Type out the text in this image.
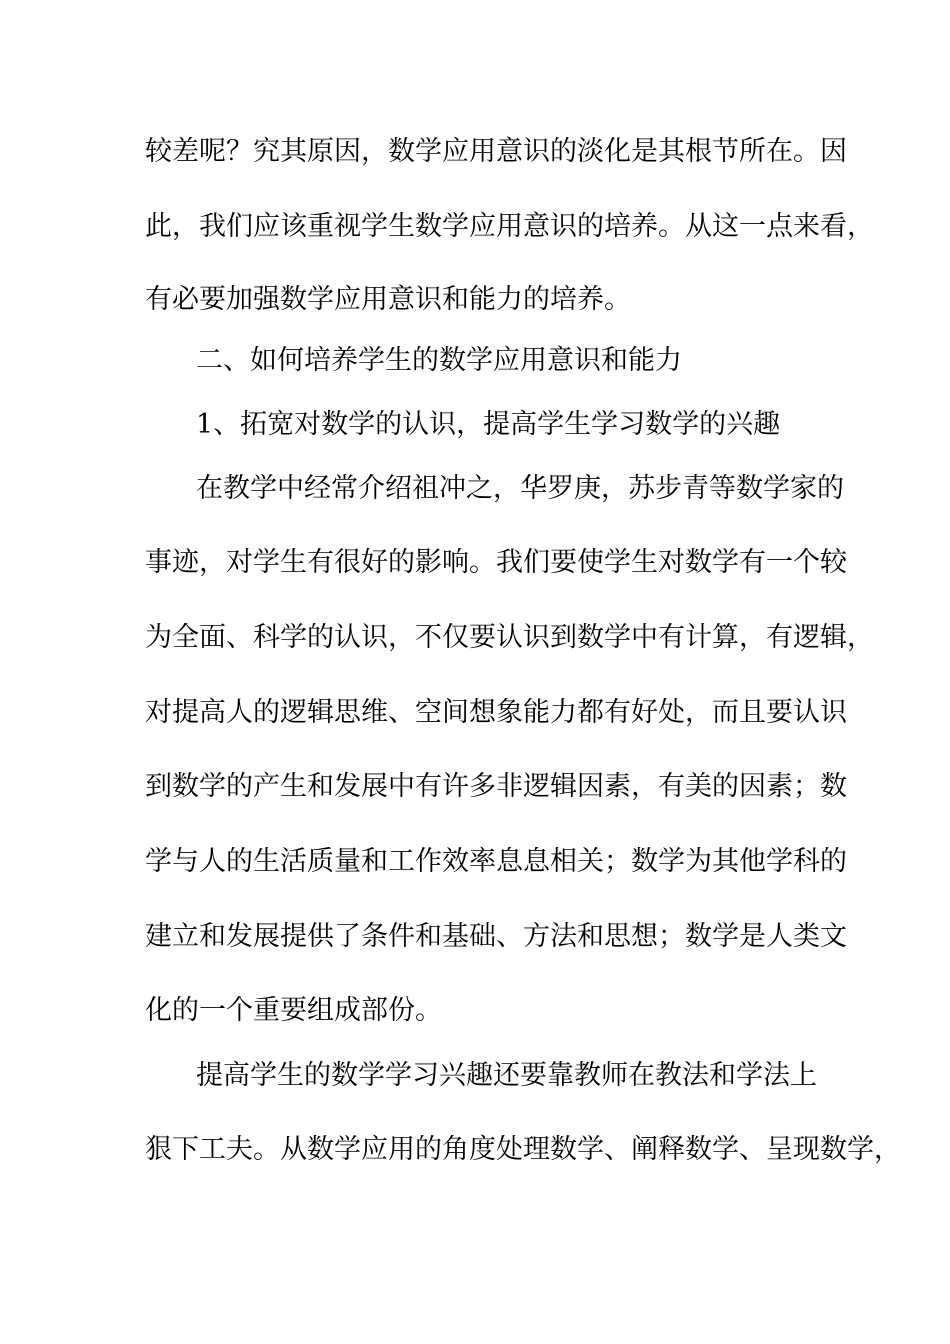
较差呢？究其原因，数学应用意识的淡化是其根节所在。因
此，我们应该重视学生数学应用意识的培养。从这一点来看，
有必要加强数学应用意识和能力的培养。
二、如何培养学生的数学应用意识和能力
1、拓宽对数学的认识，提高学生学习数学的兴趣
在教学中经常介绍祖冲之，华罗庚，苏步青等数学家的
事迹，对学生有很好的影响。我们要使学生对数学有一个较
为全面、科学的认识，不仅要认识到数学中有计算，有逻辑，
对提高人的逻辑思维、空间想象能力都有好处，而且要认识
到数学的产生和发展中有许多非逻辑因素，有美的因素；数
学与人的生活质量和工作效率息息相关；数学为其他学科的
建立和发展提供了条件和基础、方法和思想；数学是人类文
化的一个重要组成部份。
提高学生的数学学习兴趣还要靠教师在教法和学法上
狠下工夫。从数学应用的角度处理数学、阐释数学、呈现数学，
